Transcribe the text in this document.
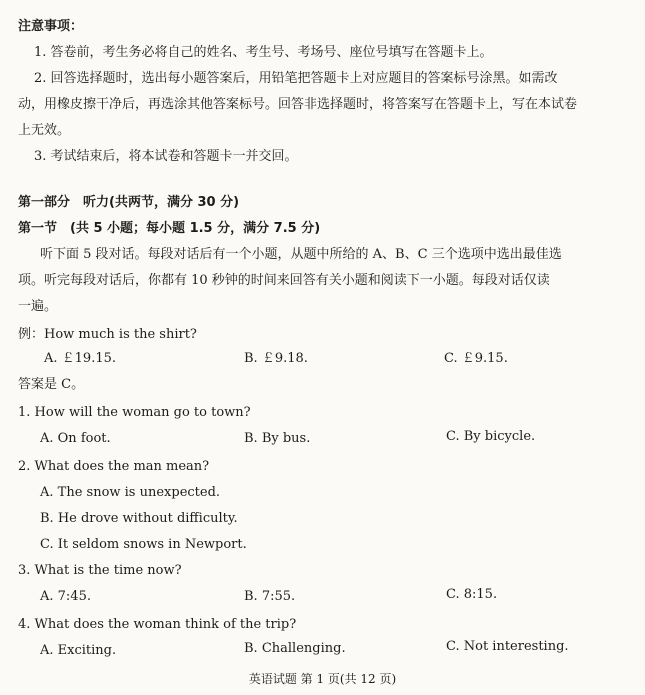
注意事项：
1. 答卷前，考生务必将自己的姓名、考生号、考场号、座位号填写在答题卡上。
2. 回答选择题时，选出每小题答案后，用铅笔把答题卡上对应题目的答案标号涂黑。如需改
动，用橡皮擦干净后，再选涂其他答案标号。回答非选择题时，将答案写在答题卡上，写在本试卷
上无效。
3. 考试结束后，将本试卷和答题卡一并交回。
第一部分　听力(共两节，满分 30 分)
第一节　(共 5 小题；每小题 1.5 分，满分 7.5 分)
听下面 5 段对话。每段对话后有一个小题，从题中所给的 A、B、C 三个选项中选出最佳选
项。听完每段对话后，你都有 10 秒钟的时间来回答有关小题和阅读下一小题。每段对话仅读
一遍。
例：How much is the shirt?
A. ￡19.15.	B. ￡9.18.	C. ￡9.15.
答案是 C。
1. How will the woman go to town?
A. On foot.	B. By bus.	C. By bicycle.
2. What does the man mean?
A. The snow is unexpected.
B. He drove without difficulty.
C. It seldom snows in Newport.
3. What is the time now?
A. 7:45.	B. 7:55.	C. 8:15.
4. What does the woman think of the trip?
A. Exciting.	B. Challenging.	C. Not interesting.
英语试题 第 1 页(共 12 页)
